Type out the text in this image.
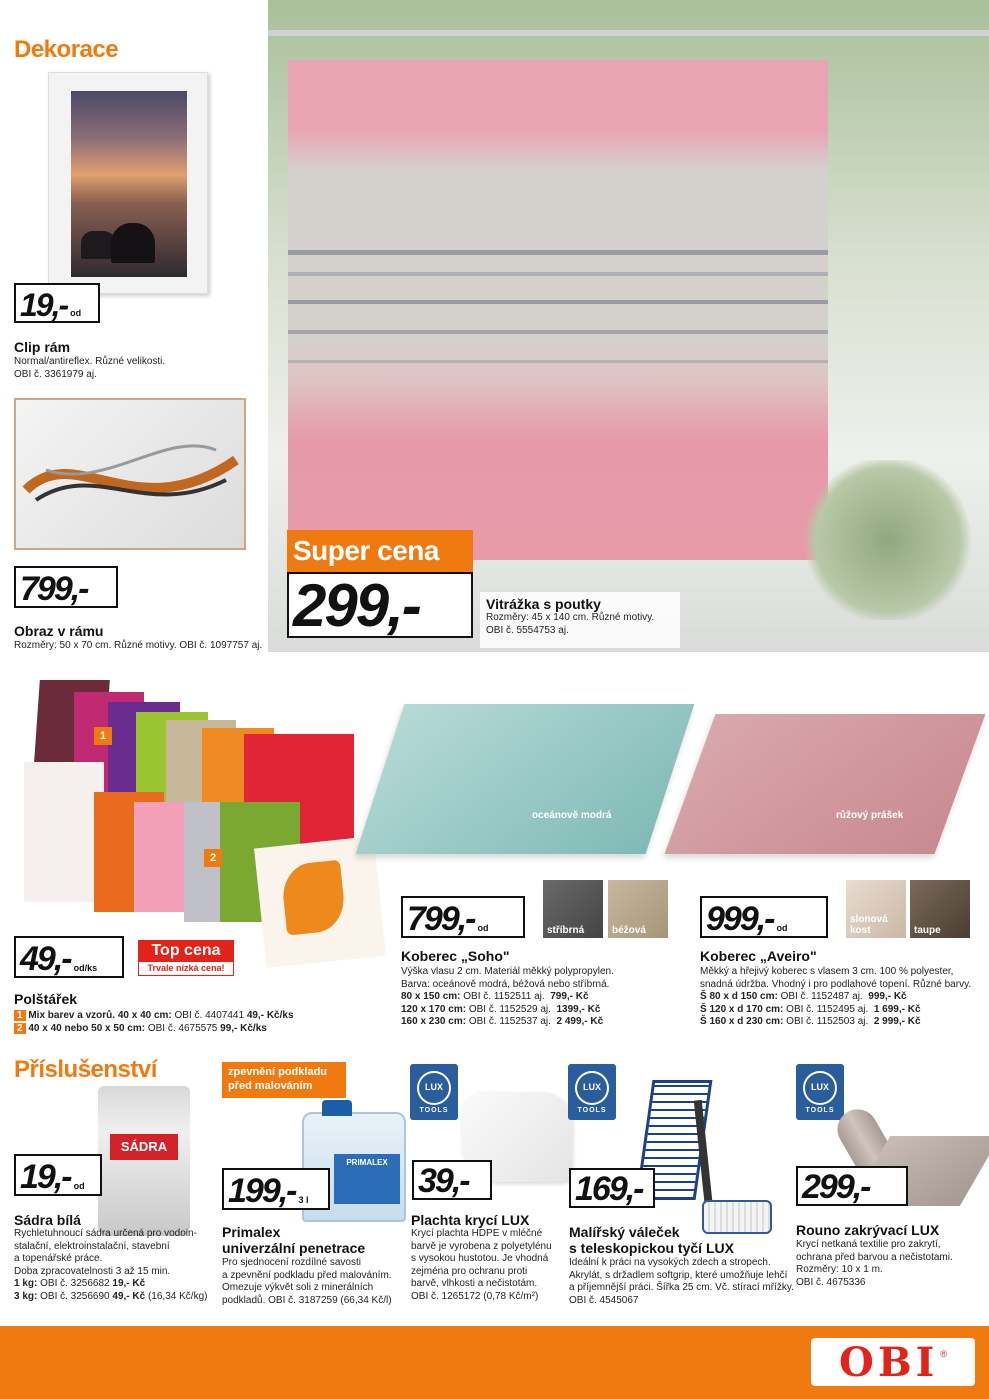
Dekorace
19,- od
Clip rám
Normal/antireflex. Různé velikosti.
OBI č. 3361979 aj.
799,-
Obraz v rámu
Rozměry: 50 x 70 cm. Různé motivy. OBI č. 1097757 aj.
Super cena
299,-	Vitrážka s poutky
Rozměry: 45 x 140 cm. Různé motivy.
OBI č. 5554753 aj.
1
2
49,- od/ks
Top cena
Trvale nízká cena!
Polštářek
1 Mix barev a vzorů. 40 x 40 cm: OBI č. 4407441 49,- Kč/ks
2 40 x 40 nebo 50 x 50 cm: OBI č. 4675575 99,- Kč/ks
oceánově modrá
799,- od	stříbrná	béžová
Koberec „Soho"
Výška vlasu 2 cm. Materiál měkký polypropylen.
Barva: oceánově modrá, béžová nebo stříbrná.
80 x 150 cm: OBI č. 1152511 aj. 799,- Kč
120 x 170 cm: OBI č. 1152529 aj. 1399,- Kč
160 x 230 cm: OBI č. 1152537 aj. 2 499,- Kč
růžový prášek
999,- od
slonová kost	taupe
Koberec „Aveiro"
Měkký a hřejivý koberec s vlasem 3 cm. 100 % polyester,
snadná údržba. Vhodný i pro podlahové topení. Různé barvy.
Š 80 x d 150 cm: OBI č. 1152487 aj. 999,- Kč
Š 120 x d 170 cm: OBI č. 1152495 aj. 1 699,- Kč
Š 160 x d 230 cm: OBI č. 1152503 aj. 2 999,- Kč
Příslušenství
SÁDRA
19,- od
Sádra bílá
Rychletuhnoucí sádra určená pro vodoin-
stalační, elektroinstalační, stavební
a topenářské práce.
Doba zpracovatelnosti 3 až 15 min.
1 kg: OBI č. 3256682 19,- Kč
3 kg: OBI č. 3256690 49,- Kč (16,34 Kč/kg)
zpevnění podkladu
před malováním
PRIMALEX
199,- 3 l
Primalex
univerzální penetrace
Pro sjednocení rozdílné savosti
a zpevnění podkladu před malováním.
Omezuje výkvět soli z minerálních
podkladů. OBI č. 3187259 (66,34 Kč/l)
LUX
TOOLS
39,-
Plachta krycí LUX
Krycí plachta HDPE v mléčné
barvě je vyrobena z polyetylénu
s vysokou hustotou. Je vhodná
zejména pro ochranu proti
barvě, vlhkosti a nečistotám.
OBI č. 1265172 (0,78 Kč/m²)
LUX
TOOLS
169,-
Malířský váleček
s teleskopickou tyčí LUX
Ideální k práci na vysokých zdech a stropech.
Akrylát, s držadlem softgrip, které umožňuje lehčí
a příjemnější práci. Šířka 25 cm. Vč. stírací mřížky.
OBI č. 4545067
LUX
TOOLS
299,-
Rouno zakrývací LUX
Krycí netkaná textilie pro zakrytí,
ochrana před barvou a nečistotami.
Rozměry: 10 x 1 m.
OBI č. 4675336
OBI ®
